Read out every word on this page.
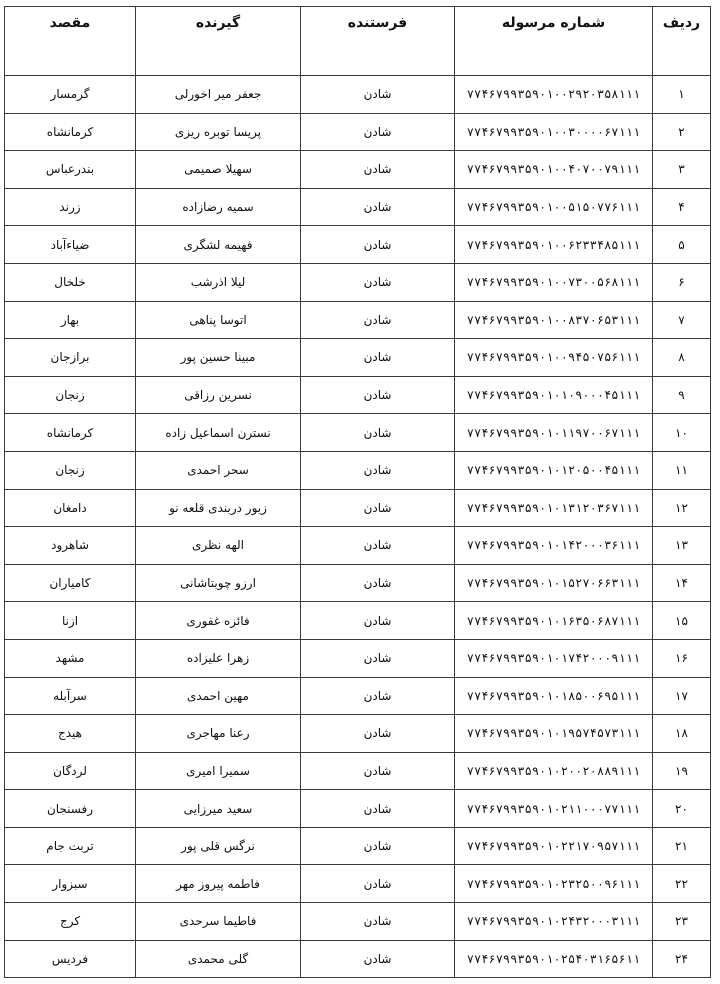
ردیف	شماره مرسوله	فرستنده	گیرنده	مقصد
۱	۷۷۴۶۷۹۹۳۵۹۰۱۰۰۲۹۲۰۳۵۸۱۱۱	شادن	جعفر میر اخورلی	گرمسار
۲	۷۷۴۶۷۹۹۳۵۹۰۱۰۰۳۰۰۰۰۶۷۱۱۱	شادن	پریسا توبره ریزی	کرمانشاه
۳	۷۷۴۶۷۹۹۳۵۹۰۱۰۰۴۰۷۰۰۷۹۱۱۱	شادن	سهیلا صمیمی	بندرعباس
۴	۷۷۴۶۷۹۹۳۵۹۰۱۰۰۵۱۵۰۷۷۶۱۱۱	شادن	سمیه رضازاده	زرند
۵	۷۷۴۶۷۹۹۳۵۹۰۱۰۰۶۲۳۳۴۸۵۱۱۱	شادن	فهیمه لشگری	ضیاءآباد
۶	۷۷۴۶۷۹۹۳۵۹۰۱۰۰۷۳۰۰۵۶۸۱۱۱	شادن	لیلا اذرشب	خلخال
۷	۷۷۴۶۷۹۹۳۵۹۰۱۰۰۸۳۷۰۶۵۳۱۱۱	شادن	اتوسا پناهی	بهار
۸	۷۷۴۶۷۹۹۳۵۹۰۱۰۰۹۴۵۰۷۵۶۱۱۱	شادن	مبینا حسین پور	برازجان
۹	۷۷۴۶۷۹۹۳۵۹۰۱۰۱۰۹۰۰۰۴۵۱۱۱	شادن	نسرین رزاقی	زنجان
۱۰	۷۷۴۶۷۹۹۳۵۹۰۱۰۱۱۹۷۰۰۶۷۱۱۱	شادن	نسترن اسماعیل زاده	کرمانشاه
۱۱	۷۷۴۶۷۹۹۳۵۹۰۱۰۱۲۰۵۰۰۴۵۱۱۱	شادن	سحر احمدی	زنجان
۱۲	۷۷۴۶۷۹۹۳۵۹۰۱۰۱۳۱۲۰۳۶۷۱۱۱	شادن	زیور دربندی قلعه نو	دامغان
۱۳	۷۷۴۶۷۹۹۳۵۹۰۱۰۱۴۲۰۰۰۳۶۱۱۱	شادن	الهه نظری	شاهرود
۱۴	۷۷۴۶۷۹۹۳۵۹۰۱۰۱۵۲۷۰۶۶۳۱۱۱	شادن	ارزو چوبتاشانی	کامیاران
۱۵	۷۷۴۶۷۹۹۳۵۹۰۱۰۱۶۳۵۰۶۸۷۱۱۱	شادن	فائزه غفوری	ازنا
۱۶	۷۷۴۶۷۹۹۳۵۹۰۱۰۱۷۴۲۰۰۰۹۱۱۱	شادن	زهرا علیزاده	مشهد
۱۷	۷۷۴۶۷۹۹۳۵۹۰۱۰۱۸۵۰۰۶۹۵۱۱۱	شادن	مهین احمدی	سرآبله
۱۸	۷۷۴۶۷۹۹۳۵۹۰۱۰۱۹۵۷۴۵۷۳۱۱۱	شادن	رعنا مهاجری	هیدج
۱۹	۷۷۴۶۷۹۹۳۵۹۰۱۰۲۰۰۲۰۸۸۹۱۱۱	شادن	سمیرا امیری	لردگان
۲۰	۷۷۴۶۷۹۹۳۵۹۰۱۰۲۱۱۰۰۰۷۷۱۱۱	شادن	سعید میرزایی	رفسنجان
۲۱	۷۷۴۶۷۹۹۳۵۹۰۱۰۲۲۱۷۰۹۵۷۱۱۱	شادن	نرگس قلی پور	تربت جام
۲۲	۷۷۴۶۷۹۹۳۵۹۰۱۰۲۳۲۵۰۰۹۶۱۱۱	شادن	فاطمه پیروز مهر	سبزوار
۲۳	۷۷۴۶۷۹۹۳۵۹۰۱۰۲۴۳۲۰۰۰۳۱۱۱	شادن	فاطیما سرحدی	کرج
۲۴	۷۷۴۶۷۹۹۳۵۹۰۱۰۲۵۴۰۳۱۶۵۶۱۱	شادن	گلی محمدی	فردیس
